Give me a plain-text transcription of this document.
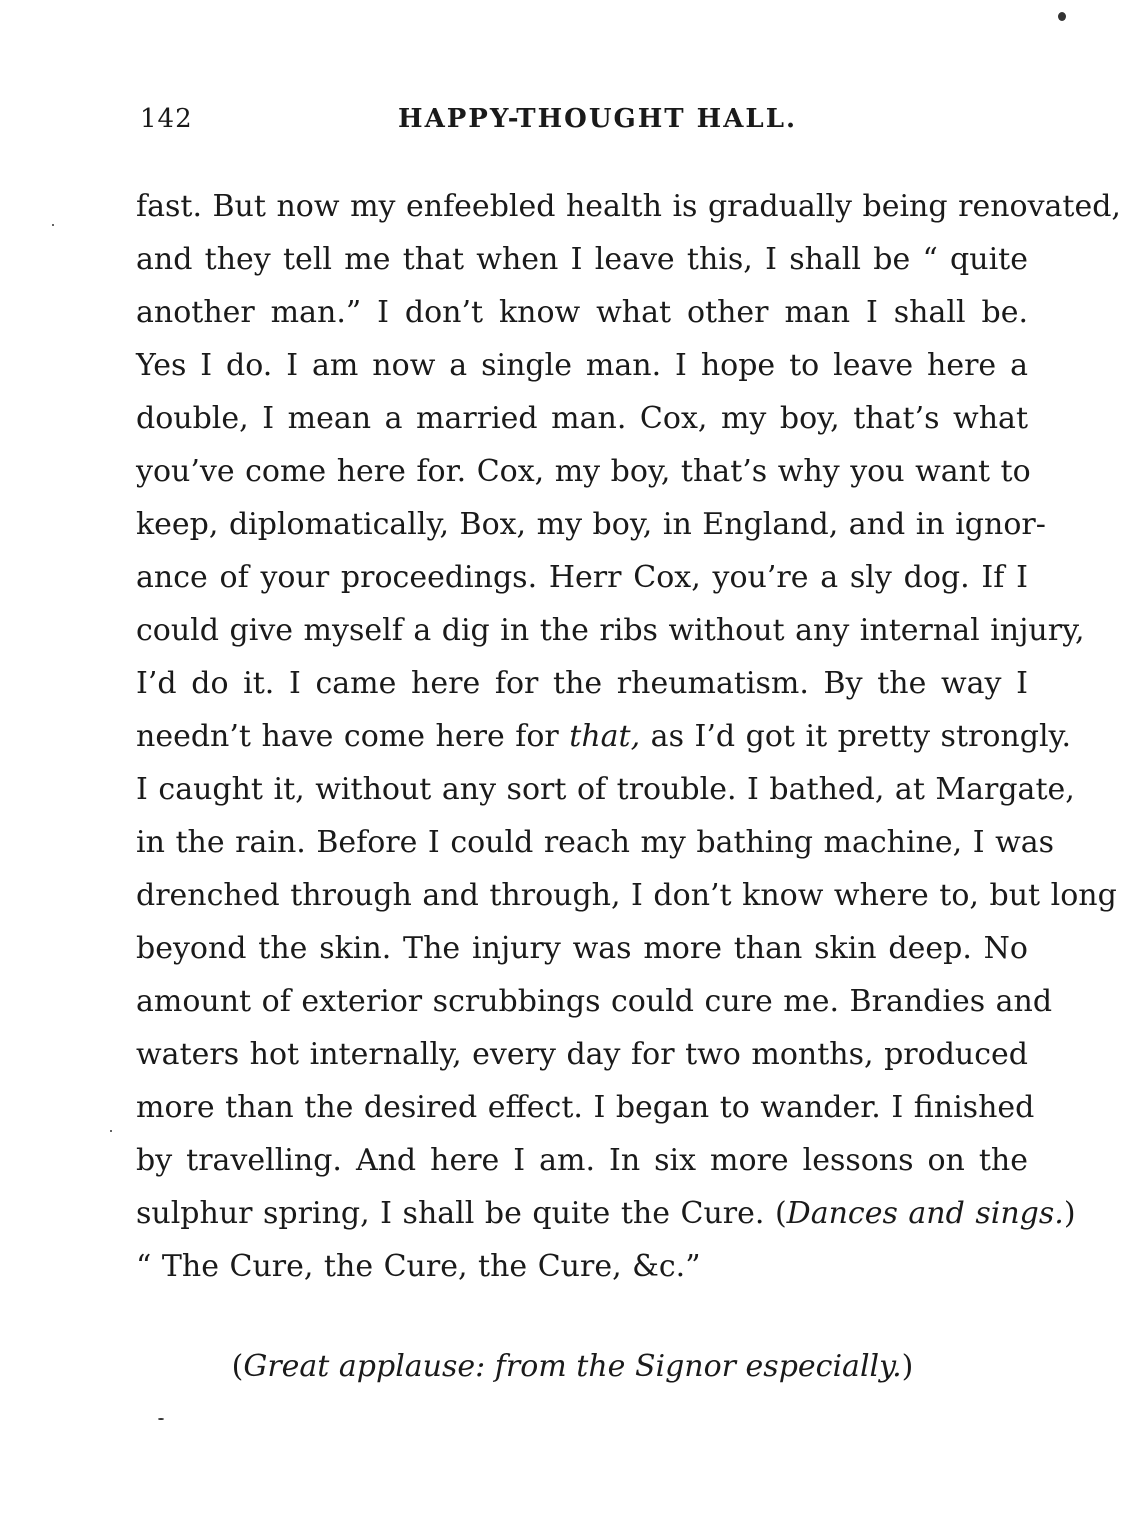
142	HAPPY-THOUGHT HALL.
fast. But now my enfeebled health is gradually being renovated,
and they tell me that when I leave this, I shall be “ quite
another man.” I don’t know what other man I shall be.
Yes I do. I am now a single man. I hope to leave here a
double, I mean a married man. Cox, my boy, that’s what
you’ve come here for. Cox, my boy, that’s why you want to
keep, diplomatically, Box, my boy, in England, and in ignor-
ance of your proceedings. Herr Cox, you’re a sly dog. If I
could give myself a dig in the ribs without any internal injury,
I’d do it. I came here for the rheumatism. By the way I
needn’t have come here for that, as I’d got it pretty strongly.
I caught it, without any sort of trouble. I bathed, at Margate,
in the rain. Before I could reach my bathing machine, I was
drenched through and through, I don’t know where to, but long
beyond the skin. The injury was more than skin deep. No
amount of exterior scrubbings could cure me. Brandies and
waters hot internally, every day for two months, produced
more than the desired effect. I began to wander. I finished
by travelling. And here I am. In six more lessons on the
sulphur spring, I shall be quite the Cure. (Dances and sings.)
“ The Cure, the Cure, the Cure, &c.”
(Great applause: from the Signor especially.)
